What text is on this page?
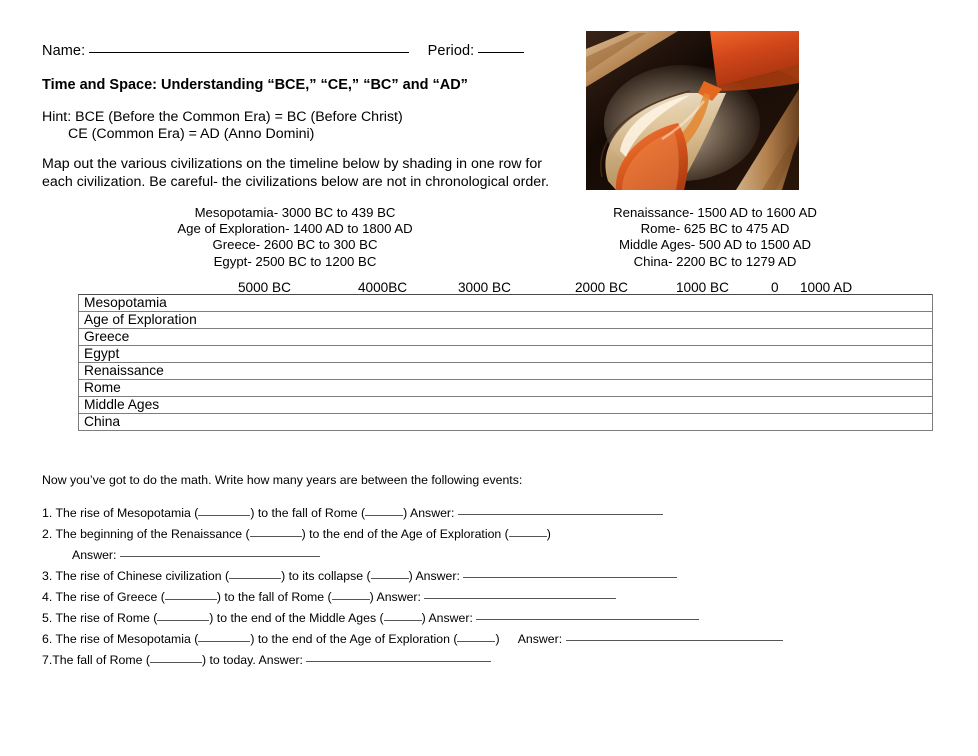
Name:	Period:
Time and Space: Understanding “BCE,” “CE,” “BC” and “AD”
Hint: BCE (Before the Common Era) = BC (Before Christ)
CE (Common Era) = AD (Anno Domini)
Map out the various civilizations on the timeline below by shading in one row for each civilization. Be careful- the civilizations below are not in chronological order.
Mesopotamia- 3000 BC to 439 BC
Age of Exploration- 1400 AD to 1800 AD
Greece- 2600 BC to 300 BC
Egypt- 2500 BC to 1200 BC
Renaissance- 1500 AD to 1600 AD
Rome- 625 BC to 475 AD
Middle Ages- 500 AD to 1500 AD
China- 2200 BC to 1279 AD
5000 BC	4000BC	3000 BC	2000 BC	1000 BC	0 1000 AD
Mesopotamia
Age of Exploration
Greece
Egypt
Renaissance
Rome
Middle Ages
China
Now you’ve got to do the math. Write how many years are between the following events:
1. The rise of Mesopotamia (	) to the fall of Rome (	) Answer:
2. The beginning of the Renaissance (	) to the end of the Age of Exploration (	)
Answer:
3. The rise of Chinese civilization (	) to its collapse (	) Answer:
4. The rise of Greece (	) to the fall of Rome (	) Answer:
5. The rise of Rome (	) to the end of the Middle Ages (	) Answer:
6. The rise of Mesopotamia (	) to the end of the Age of Exploration (	) Answer:
7.The fall of Rome (	) to today. Answer:
